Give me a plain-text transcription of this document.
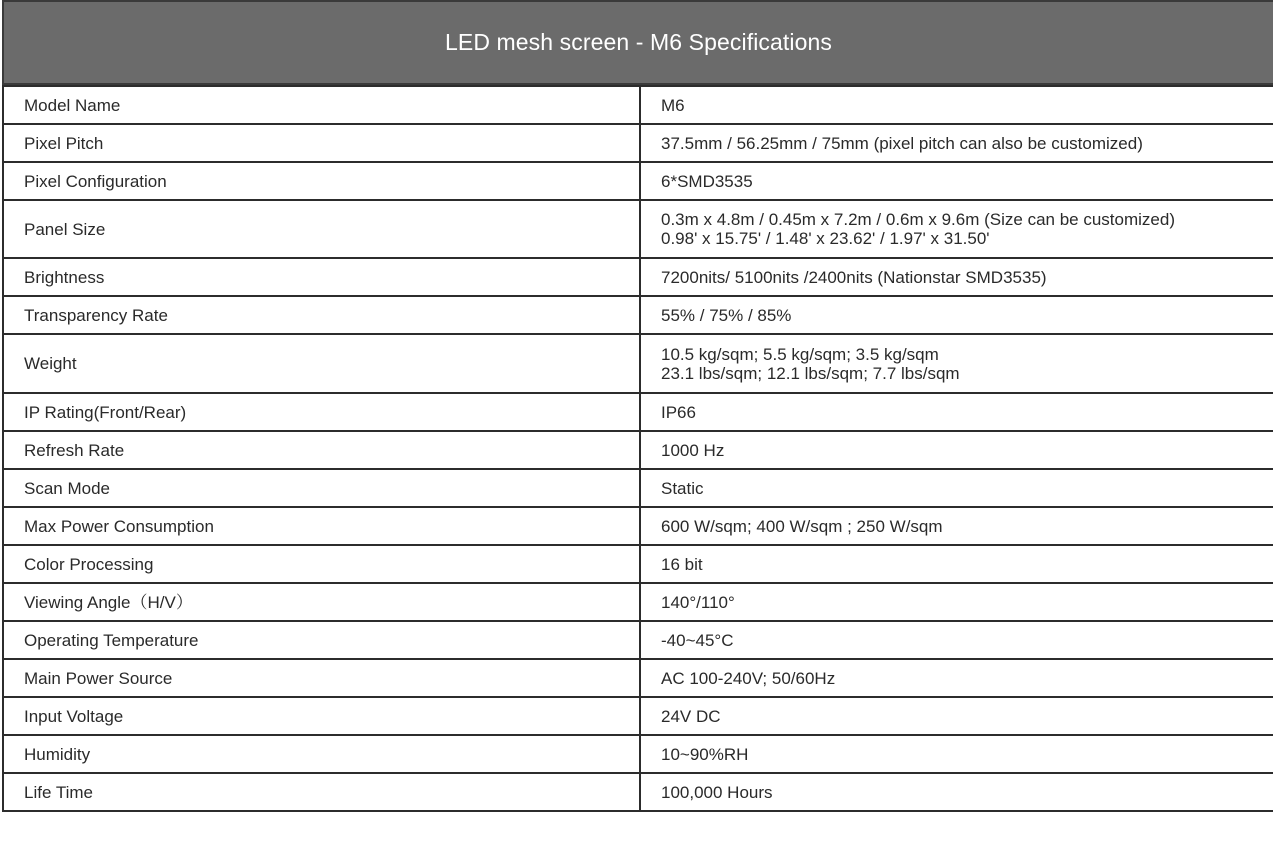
LED mesh screen - M6 Specifications
Model Name	M6

Pixel Pitch	37.5mm / 56.25mm / 75mm (pixel pitch can also be customized)

Pixel Configuration	6*SMD3535

Panel Size	0.3m x 4.8m / 0.45m x 7.2m / 0.6m x 9.6m (Size can be customized)
0.98' x 15.75' / 1.48' x 23.62' / 1.97' x 31.50'

Brightness	7200nits/ 5100nits /2400nits (Nationstar SMD3535)

Transparency Rate	55% / 75% / 85%

Weight	10.5 kg/sqm; 5.5 kg/sqm; 3.5 kg/sqm
23.1 lbs/sqm; 12.1 lbs/sqm; 7.7 lbs/sqm

IP Rating(Front/Rear)	IP66

Refresh Rate	1000 Hz

Scan Mode	Static

Max Power Consumption	600 W/sqm; 400 W/sqm ; 250 W/sqm

Color Processing	16 bit

Viewing Angle（H/V）	140°/110°

Operating Temperature	-40~45°C

Main Power Source	AC 100-240V; 50/60Hz

Input Voltage	24V DC

Humidity	10~90%RH

Life Time	100,000 Hours
